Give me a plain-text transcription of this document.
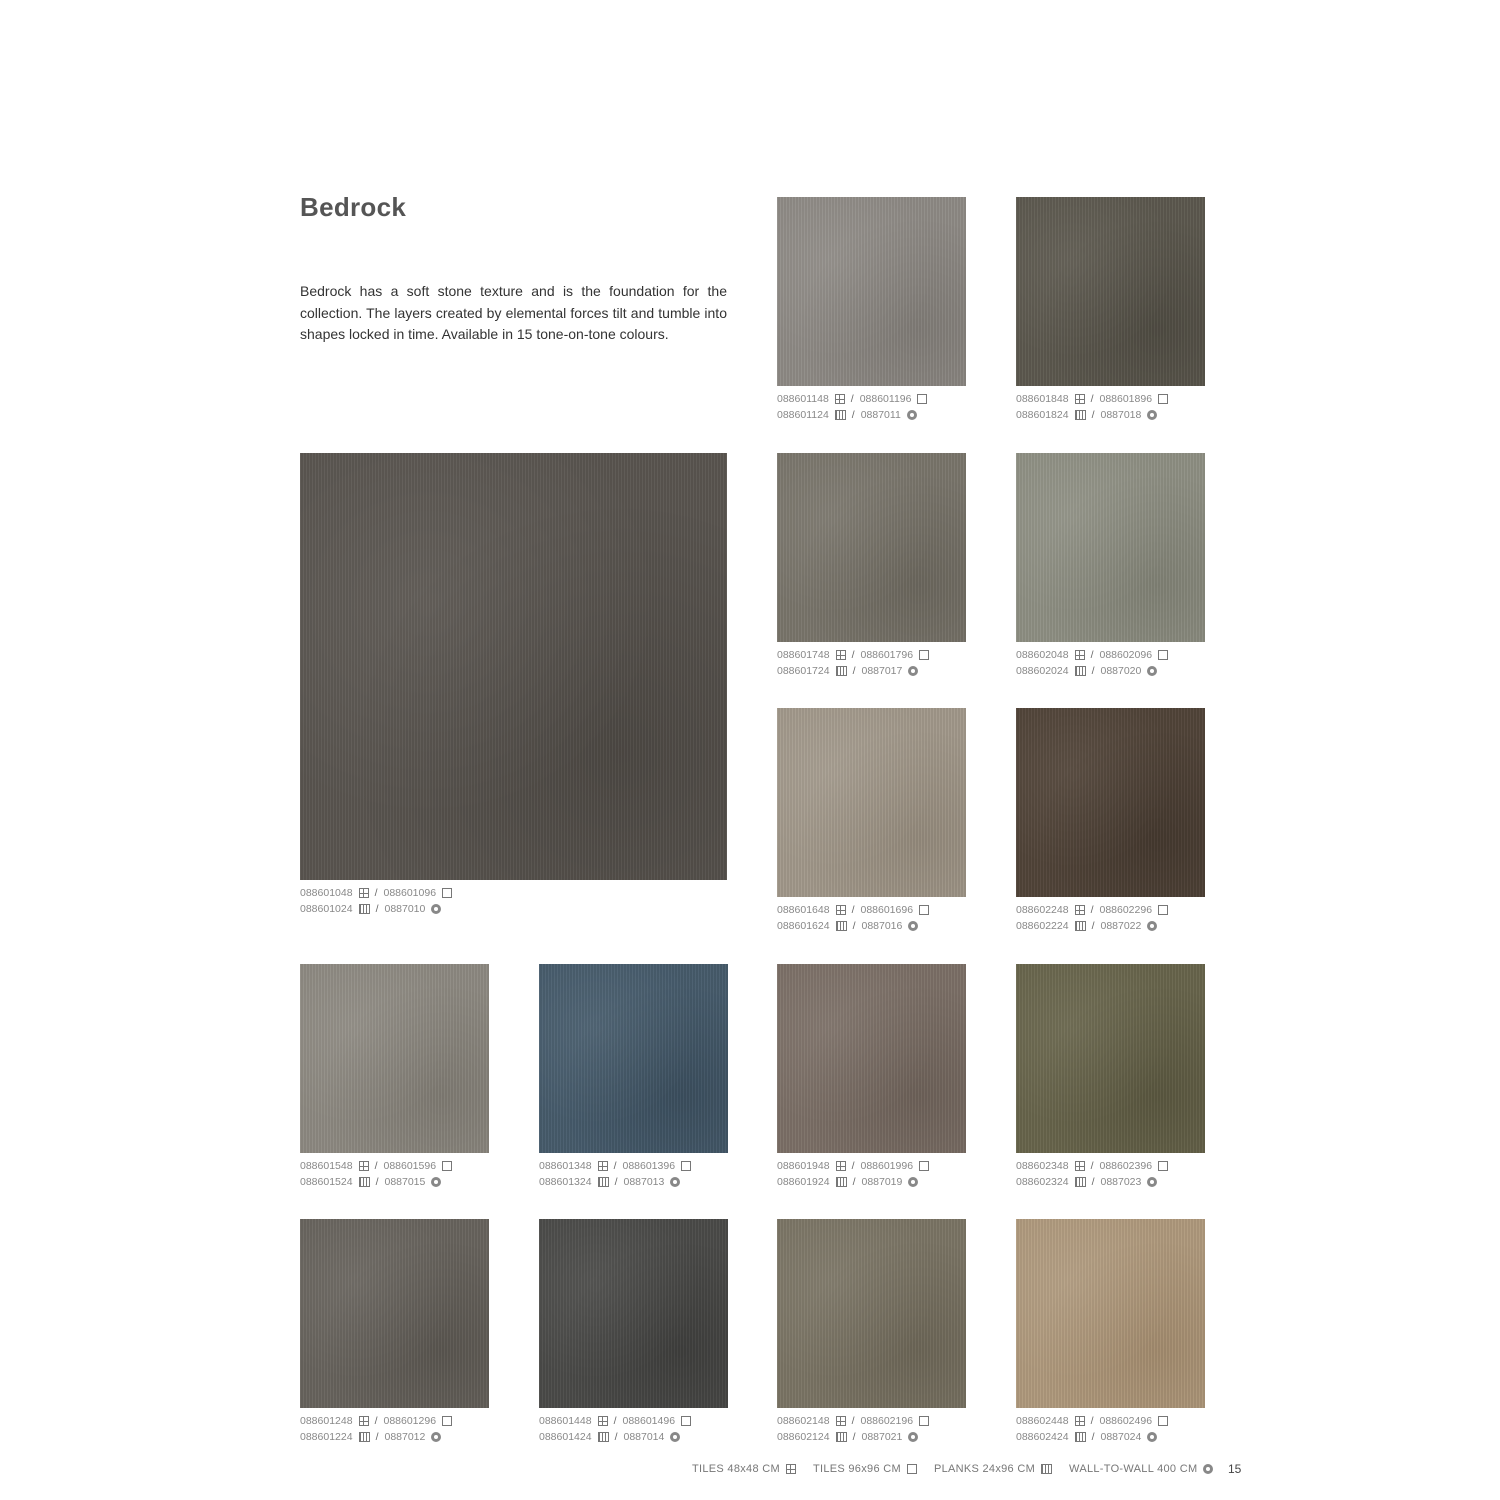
Bedrock

Bedrock has a soft stone texture and is the foundation for the collection. The layers created by elemental forces tilt and tumble into shapes locked in time. Available in 15 tone-on-tone colours.

088601048 / 088601096
088601024 / 0887010
088601148 / 088601196
088601124 / 0887011
088601848 / 088601896
088601824 / 0887018
088601748 / 088601796
088601724 / 0887017
088602048 / 088602096
088602024 / 0887020
088601648 / 088601696
088601624 / 0887016
088602248 / 088602296
088602224 / 0887022
088601548 / 088601596
088601524 / 0887015
088601348 / 088601396
088601324 / 0887013
088601948 / 088601996
088601924 / 0887019
088602348 / 088602396
088602324 / 0887023
088601248 / 088601296
088601224 / 0887012
088601448 / 088601496
088601424 / 0887014
088602148 / 088602196
088602124 / 0887021
088602448 / 088602496
088602424 / 0887024
TILES 48x48 CM	TILES 96x96 CM	PLANKS 24x96 CM	WALL-TO-WALL 400 CM	15
